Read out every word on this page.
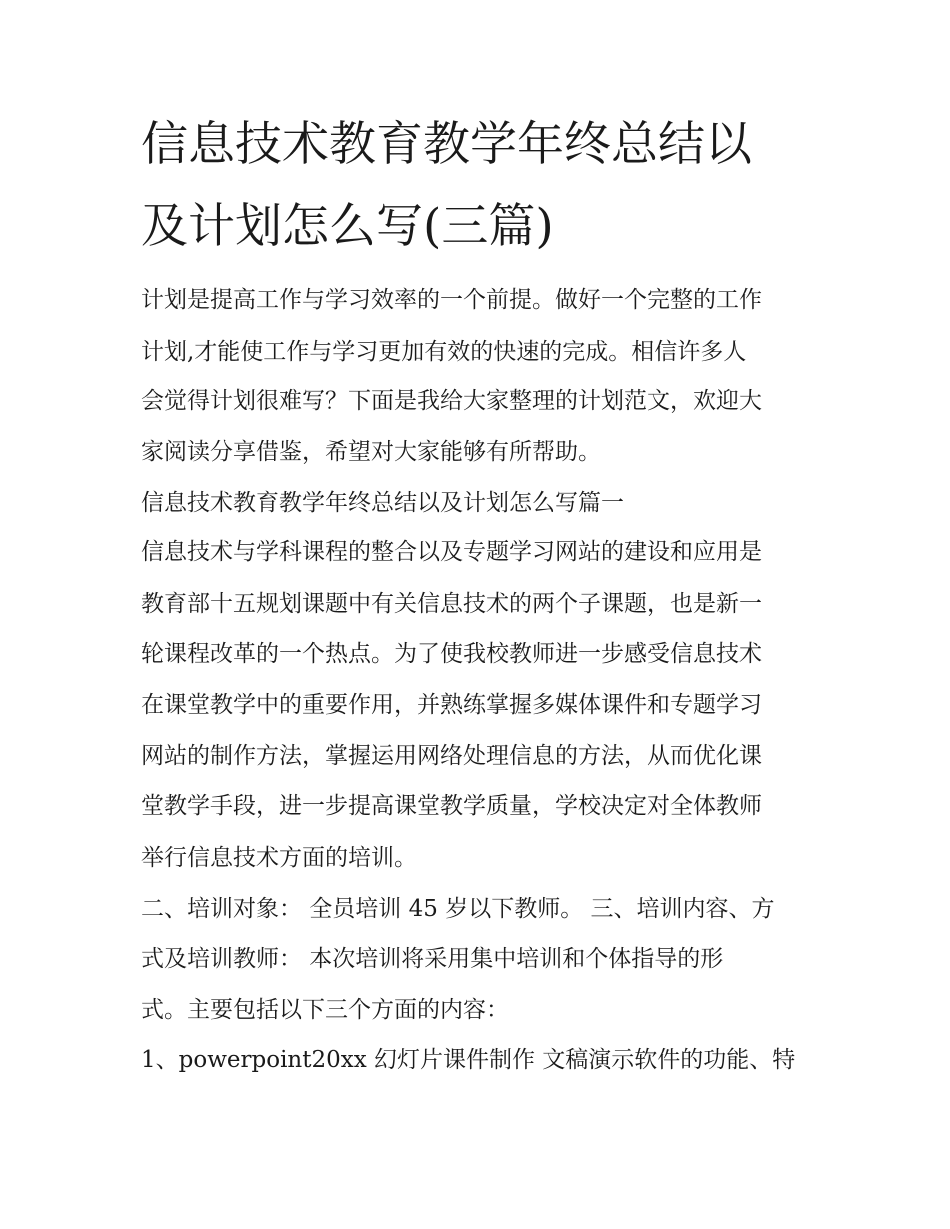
信息技术教育教学年终总结以
及计划怎么写(三篇)
计划是提高工作与学习效率的一个前提。做好一个完整的工作
计划,才能使工作与学习更加有效的快速的完成。相信许多人
会觉得计划很难写？下面是我给大家整理的计划范文，欢迎大
家阅读分享借鉴，希望对大家能够有所帮助。
信息技术教育教学年终总结以及计划怎么写篇一
信息技术与学科课程的整合以及专题学习网站的建设和应用是
教育部十五规划课题中有关信息技术的两个子课题，也是新一
轮课程改革的一个热点。为了使我校教师进一步感受信息技术
在课堂教学中的重要作用，并熟练掌握多媒体课件和专题学习
网站的制作方法，掌握运用网络处理信息的方法，从而优化课
堂教学手段，进一步提高课堂教学质量，学校决定对全体教师
举行信息技术方面的培训。
二、培训对象： 全员培训 45 岁以下教师。 三、培训内容、方
式及培训教师： 本次培训将采用集中培训和个体指导的形
式。主要包括以下三个方面的内容：
1、powerpoint20xx 幻灯片课件制作 文稿演示软件的功能、特
